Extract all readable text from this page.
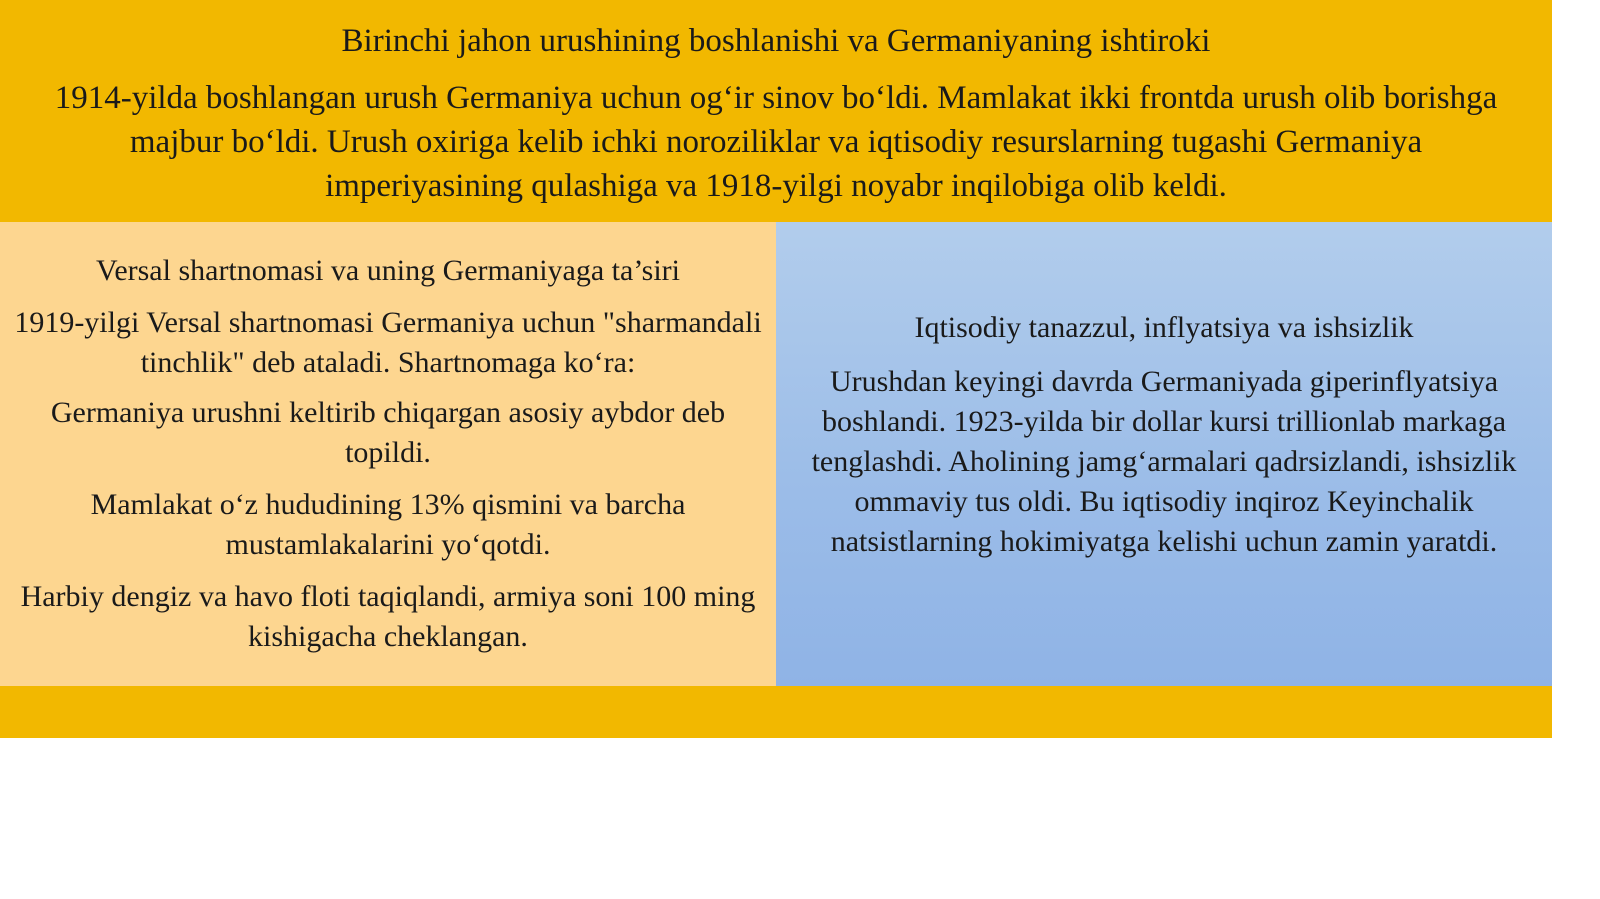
Birinchi jahon urushining boshlanishi va Germaniyaning ishtiroki
1914-yilda boshlangan urush Germaniya uchun og‘ir sinov bo‘ldi. Mamlakat ikki frontda urush olib borishga majbur bo‘ldi. Urush oxiriga kelib ichki noroziliklar va iqtisodiy resurslarning tugashi Germaniya imperiyasining qulashiga va 1918-yilgi noyabr inqilobiga olib keldi.
Versal shartnomasi va uning Germaniyaga ta’siri
1919-yilgi Versal shartnomasi Germaniya uchun "sharmandali tinchlik" deb ataladi. Shartnomaga ko‘ra:
Germaniya urushni keltirib chiqargan asosiy aybdor deb topildi.
Mamlakat o‘z hududining 13% qismini va barcha mustamlakalarini yo‘qotdi.
Harbiy dengiz va havo floti taqiqlandi, armiya soni 100 ming kishigacha cheklangan.
Iqtisodiy tanazzul, inflyatsiya va ishsizlik
Urushdan keyingi davrda Germaniyada giperinflyatsiya boshlandi. 1923-yilda bir dollar kursi trillionlab markaga tenglashdi. Aholining jamg‘armalari qadrsizlandi, ishsizlik ommaviy tus oldi. Bu iqtisodiy inqiroz Keyinchalik natsistlarning hokimiyatga kelishi uchun zamin yaratdi.
